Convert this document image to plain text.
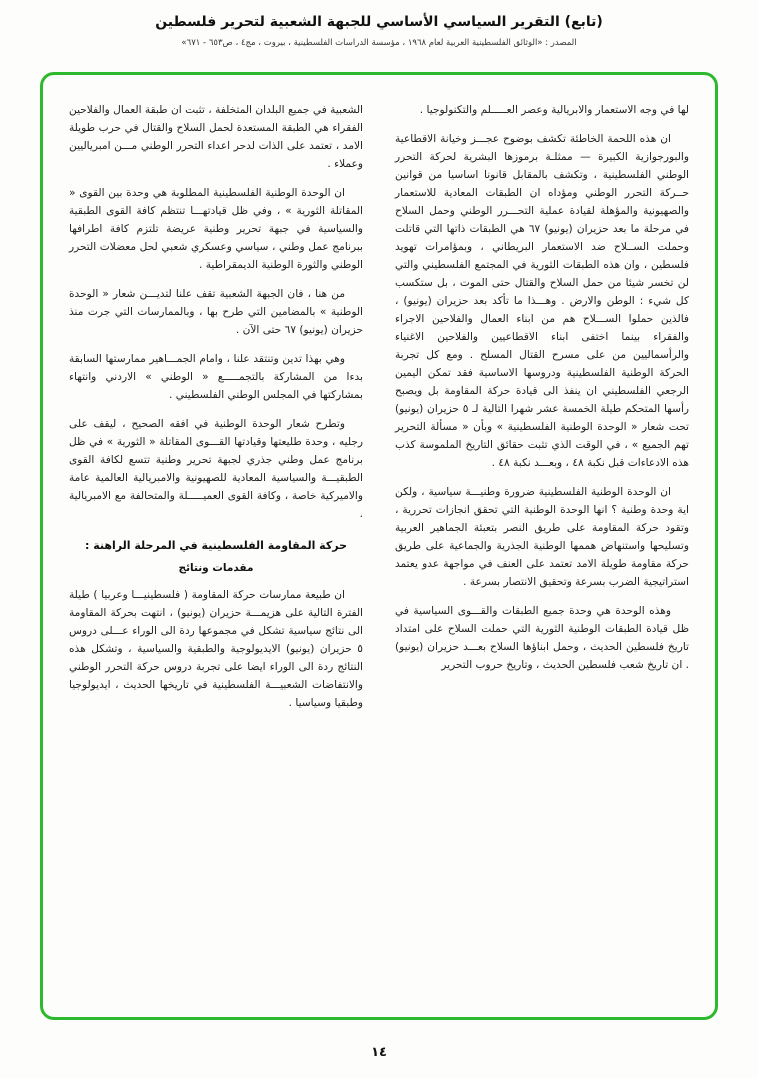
(تابع) التقرير السياسي الأساسي للجبهة الشعبية لتحرير فلسطين
المصدر : «الوثائق الفلسطينية العربية لعام ١٩٦٨ ، مؤسسة الدراسات الفلسطينية ، بيروت ، مج٤ ، ص٦٥٣ - ٦٧١»

لها في وجه الاستعمار والابريالية وعصر العـــــلم والتكنولوجيا .

ان هذه اللحمة الخاطئة تكشف بوضوح عجـــز وخيانة الاقطاعية والبورجوازية الكبيرة — ممثلـة برموزها البشرية لحركة التحرر الوطني الفلسطينية ، وتكشف بالمقابل قانونا اساسيا من قوانين حــركة التحرر الوطني ومؤداه ان الطبقات المعادية للاستعمار والصهيونية والمؤهلة لقيادة عملية التحـــرر الوطني وحمل السلاح في مرحلة ما بعد حزيران (يونيو) ٦٧ هي الطبقات ذاتها التي قاتلت وحملت الســلاح ضد الاستعمار البريطاني ، وبمؤامرات تهويد فلسطين ، وان هذه الطبقات الثورية في المجتمع الفلسطيني والتي لن تخسر شيئا من حمل السلاح والقتال حتى الموت ، بل ستكسب كل شيء : الوطن والارض . وهـــذا ما تأكد بعد حزيران (يونيو) ، فالذين حملوا الســـلاح هم من ابناء العمال والفلاحين الاجراء والفقراء بينما اختفى ابناء الاقطاعيين والفلاحين الاغنياء والرأسماليين من على مسرح القتال المسلح . ومع كل تجربة الحركة الوطنية الفلسطينية ودروسها الاساسية فقد تمكن اليمين الرجعي الفلسطيني ان ينفذ الى قيادة حركة المقاومة بل ويصبح رأسها المتحكم طيلة الخمسة عشر شهرا التالية لـ ٥ حزيران (يونيو) تحت شعار « الوحدة الوطنية الفلسطينية » وبأن « مسألة التحرير تهم الجميع » ، في الوقت الذي تثبت حقائق التاريخ الملموسة كذب هذه الادعاءات قبل نكبة ٤٨ ، وبعـــد نكبة ٤٨ .

ان الوحدة الوطنية الفلسطينية ضرورة وطنيـــة سياسية ، ولكن اية وحدة وطنية ؟ انها الوحدة الوطنية التي تحقق انجازات تحررية ، وتقود حركة المقاومة على طريق النصر بتعبئة الجماهير العربية وتسليحها واستنهاض هممها الوطنية الجذرية والجماعية على طريق حركة مقاومة طويلة الامد تعتمد على العنف في مواجهة عدو يعتمد استراتيجية الضرب بسرعة وتحقيق الانتصار بسرعة .

وهذه الوحدة هي وحدة جميع الطبقات والقـــوى السياسية في ظل قيادة الطبقات الوطنية الثورية التي حملت السلاح على امتداد تاريخ فلسطين الحديث ، وحمل ابناؤها السلاح بعـــد حزيران (يونيو) . ان تاريخ شعب فلسطين الحديث ، وتاريخ حروب التحرير

الشعبية في جميع البلدان المتخلفة ، تثبت ان طبقة العمال والفلاحين الفقراء هي الطبقة المستعدة لحمل السلاح والقتال في حرب طويلة الامد ، تعتمد على الذات لدحر اعداء التحرر الوطني مـــن امبرياليين وعملاء .

ان الوحدة الوطنية الفلسطينية المطلوبة هي وحدة بين القوى « المقاتلة الثورية » ، وفي ظل قيادتهـــا تنتظم كافة القوى الطبقية والسياسية في جبهة تحرير وطنية عريضة تلتزم كافة اطرافها ببرنامج عمل وطني ، سياسي وعسكري شعبي لحل معضلات التحرر الوطني والثورة الوطنية الديمقراطية .

من هنا ، فان الجبهة الشعبية تقف علنا لتديـــن شعار « الوحدة الوطنية » بالمضامين التي طرح بها ، وبالممارسات التي جرت منذ حزيران (يونيو) ٦٧ حتى الآن .

وهي بهذا تدين وتنتقد علنا ، وامام الجمـــاهير ممارستها السابقة بدءا من المشاركة بالتجمـــــع « الوطني » الاردني وانتهاء بمشاركتها في المجلس الوطني الفلسطيني .

وتطرح شعار الوحدة الوطنية في افقه الصحيح ، ليقف على رجليه ، وحدة طليعتها وقيادتها القـــوى المقاتلة « الثورية » في ظل برنامج عمل وطني جذري لجبهة تحرير وطنية تتسع لكافة القوى الطبقيـــة والسياسية المعادية للصهيونية والامبريالية العالمية عامة والاميركية خاصة ، وكافة القوى العميـــــلة والمتحالفة مع الامبريالية .

حركة المقاومة الفلسطينية في المرحلة الراهنة :
مقدمات ونتائج

ان طبيعة ممارسات حركة المقاومة ( فلسطينيـــا وعربيا ) طيلة الفترة التالية على هزيمـــة حزيران (يونيو) ، انتهت بحركة المقاومة الى نتائج سياسية تشكل في مجموعها ردة الى الوراء عـــلى دروس ٥ حزيران (يونيو) الايديولوجية والطبقية والسياسية ، وتشكل هذه النتائج ردة الى الوراء ايضا على تجربة دروس حركة التحرر الوطني والانتفاضات الشعبيـــة الفلسطينية في تاريخها الحديث ، ايديولوجيا وطبقيا وسياسيا .

١٤
